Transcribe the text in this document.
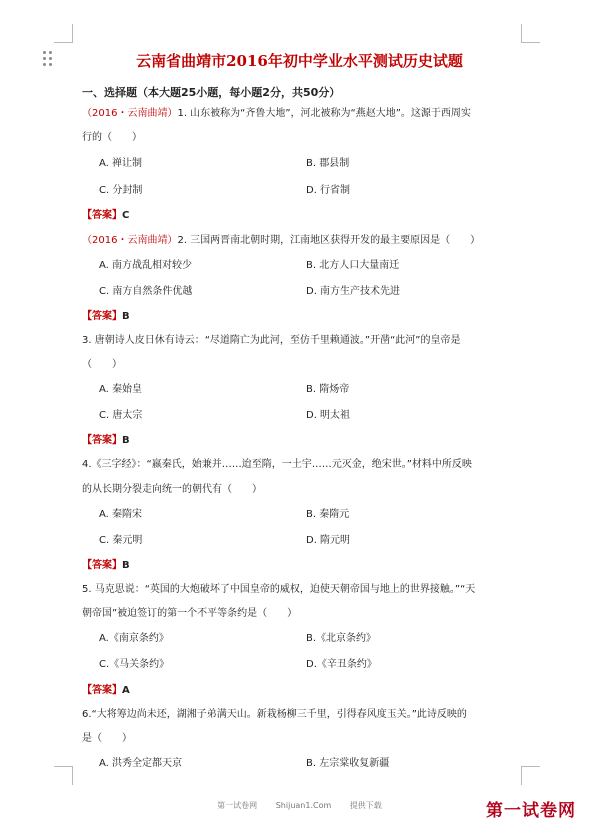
云南省曲靖市2016年初中学业水平测试历史试题
一、选择题（本大题25小题，每小题2分，共50分）
（2016・云南曲靖）1. 山东被称为“齐鲁大地”，河北被称为“燕赵大地”。这源于西周实
行的（　　）
A. 禅让制	B. 郡县制
C. 分封制	D. 行省制
【答案】C
（2016・云南曲靖）2. 三国两晋南北朝时期，江南地区获得开发的最主要原因是（　　）
A. 南方战乱相对较少	B. 北方人口大量南迁
C. 南方自然条件优越	D. 南方生产技术先进
【答案】B
3. 唐朝诗人皮日休有诗云：“尽道隋亡为此河，至仿千里赖通波。”开凿“此河”的皇帝是
（　　）
A. 秦始皇	B. 隋炀帝
C. 唐太宗	D. 明太祖
【答案】B
4.《三字经》：“嬴秦氏，始兼并……迨至隋，一土宇……元灭金，绝宋世。”材料中所反映
的从长期分裂走向统一的朝代有（　　）
A. 秦隋宋	B. 秦隋元
C. 秦元明	D. 隋元明
【答案】B
5. 马克思说：“英国的大炮破坏了中国皇帝的威权，迫使天朝帝国与地上的世界接触。”“天
朝帝国”被迫签订的第一个不平等条约是（　　）
A.《南京条约》	B.《北京条约》
C.《马关条约》	D.《辛丑条约》
【答案】A
6.“大将筹边尚未还，湖湘子弟满天山。新栽杨柳三千里，引得春风度玉关。”此诗反映的
是（　　）
A. 洪秀全定都天京	B. 左宗棠收复新疆
第一试卷网 Shijuan1.Com 提供下载	第一试卷网
